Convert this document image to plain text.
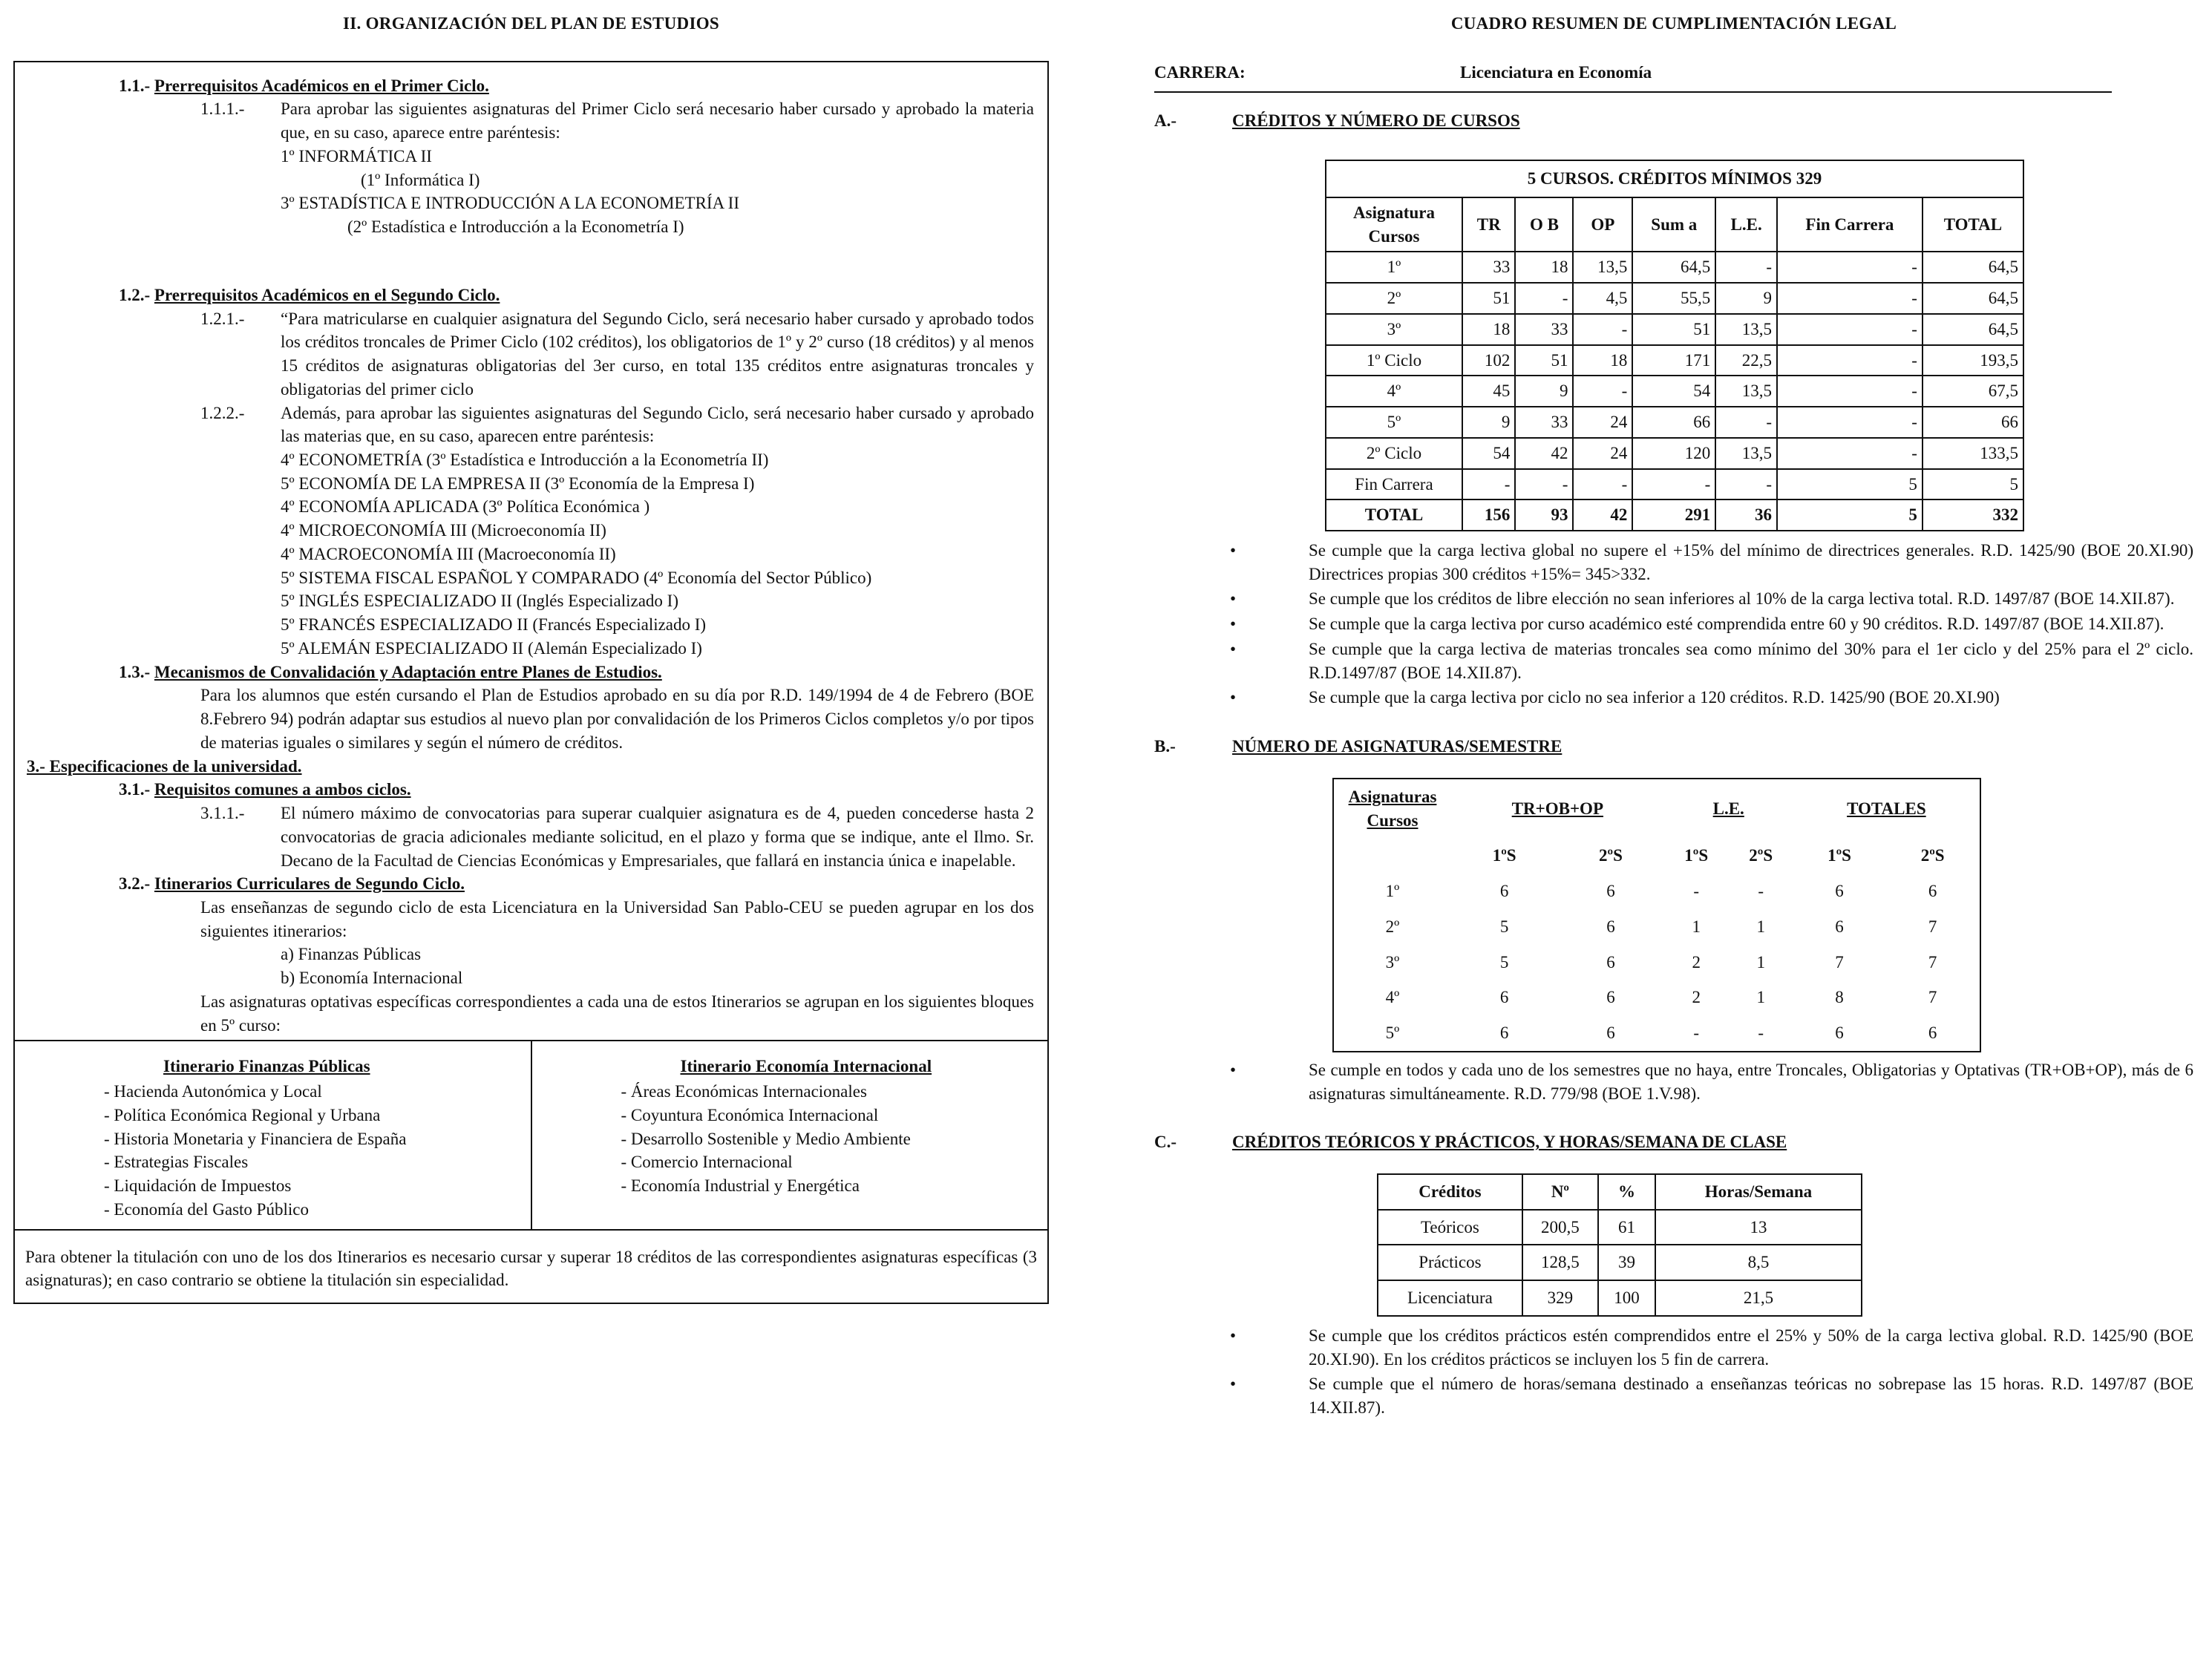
II. ORGANIZACIÓN DEL PLAN DE ESTUDIOS
1.1.- Prerrequisitos Académicos en el Primer Ciclo.
1.1.1.-	Para aprobar las siguientes asignaturas del Primer Ciclo será necesario haber cursado y aprobado la materia que, en su caso, aparece entre paréntesis:
1º INFORMÁTICA II
(1º Informática I)
3º ESTADÍSTICA E INTRODUCCIÓN A LA ECONOMETRÍA II
(2º Estadística e Introducción a la Econometría I)
1.2.- Prerrequisitos Académicos en el Segundo Ciclo.
1.2.1.-	“Para matricularse en cualquier asignatura del Segundo Ciclo, será necesario haber cursado y aprobado todos los créditos troncales de Primer Ciclo (102 créditos), los obligatorios de 1º y 2º curso (18 créditos) y al menos 15 créditos de asignaturas obligatorias del 3er curso, en total 135 créditos entre asignaturas troncales y obligatorias del primer ciclo
1.2.2.-	Además, para aprobar las siguientes asignaturas del Segundo Ciclo, será necesario haber cursado y aprobado las materias que, en su caso, aparecen entre paréntesis:
4º ECONOMETRÍA (3º Estadística e Introducción a la Econometría II)
5º ECONOMÍA DE LA EMPRESA II (3º Economía de la Empresa I)
4º ECONOMÍA APLICADA (3º Política Económica )
4º MICROECONOMÍA III (Microeconomía II)
4º MACROECONOMÍA III (Macroeconomía II)
5º SISTEMA FISCAL ESPAÑOL Y COMPARADO (4º Economía del Sector Público)
5º INGLÉS ESPECIALIZADO II (Inglés Especializado I)
5º FRANCÉS ESPECIALIZADO II (Francés Especializado I)
5º ALEMÁN ESPECIALIZADO II (Alemán Especializado I)
1.3.- Mecanismos de Convalidación y Adaptación entre Planes de Estudios.
Para los alumnos que estén cursando el Plan de Estudios aprobado en su día por R.D. 149/1994 de 4 de Febrero (BOE 8.Febrero 94) podrán adaptar sus estudios al nuevo plan por convalidación de los Primeros Ciclos completos y/o por tipos de materias iguales o similares y según el número de créditos.
3.- Especificaciones de la universidad.
3.1.- Requisitos comunes a ambos ciclos.
3.1.1.-	El número máximo de convocatorias para superar cualquier asignatura es de 4, pueden concederse hasta 2 convocatorias de gracia adicionales mediante solicitud, en el plazo y forma que se indique, ante el Ilmo. Sr. Decano de la Facultad de Ciencias Económicas y Empresariales, que fallará en instancia única e inapelable.
3.2.- Itinerarios Curriculares de Segundo Ciclo.
Las enseñanzas de segundo ciclo de esta Licenciatura en la Universidad San Pablo-CEU se pueden agrupar en los dos siguientes itinerarios:
a) Finanzas Públicas
b) Economía Internacional
Las asignaturas optativas específicas correspondientes a cada una de estos Itinerarios se agrupan en los siguientes bloques en 5º curso:
Itinerario Finanzas Públicas
- Hacienda Autonómica y Local
- Política Económica Regional y Urbana
- Historia Monetaria y Financiera de España
- Estrategias Fiscales
- Liquidación de Impuestos
- Economía del Gasto Público
Itinerario Economía Internacional
- Áreas Económicas Internacionales
- Coyuntura Económica Internacional
- Desarrollo Sostenible y Medio Ambiente
- Comercio Internacional
- Economía Industrial y Energética
Para obtener la titulación con uno de los dos Itinerarios es necesario cursar y superar 18 créditos de las correspondientes asignaturas específicas (3 asignaturas); en caso contrario se obtiene la titulación sin especialidad.
CUADRO RESUMEN DE CUMPLIMENTACIÓN LEGAL
CARRERA:	Licenciatura en Economía
A.-	CRÉDITOS Y NÚMERO DE CURSOS
5 CURSOS. CRÉDITOS MÍNIMOS 329							
Asignatura Cursos	TR	O B	OP	Sum a	L.E.	Fin Carrera	TOTAL
1º	33	18	13,5	64,5	-	-	64,5
2º	51	-	4,5	55,5	9	-	64,5
3º	18	33	-	51	13,5	-	64,5
1º Ciclo	102	51	18	171	22,5	-	193,5
4º	45	9	-	54	13,5	-	67,5
5º	9	33	24	66	-	-	66
2º Ciclo	54	42	24	120	13,5	-	133,5
Fin Carrera	-	-	-	-	-	5	5
TOTAL	156	93	42	291	36	5	332
•	Se cumple que la carga lectiva global no supere el +15% del mínimo de directrices generales. R.D. 1425/90 (BOE 20.XI.90) Directrices propias 300 créditos +15%= 345>332.
•	Se cumple que los créditos de libre elección no sean inferiores al 10% de la carga lectiva total. R.D. 1497/87 (BOE 14.XII.87).
•	Se cumple que la carga lectiva por curso académico esté comprendida entre 60 y 90 créditos. R.D. 1497/87 (BOE 14.XII.87).
•	Se cumple que la carga lectiva de materias troncales sea como mínimo del 30% para el 1er ciclo y del 25% para el 2º ciclo. R.D.1497/87 (BOE 14.XII.87).
•	Se cumple que la carga lectiva por ciclo no sea inferior a 120 créditos. R.D. 1425/90 (BOE 20.XI.90)
B.-	NÚMERO DE ASIGNATURAS/SEMESTRE
Asignaturas Cursos	TR+OB+OP		L.E.		TOTALES	
	1ºS	2ºS	1ºS	2ºS	1ºS	2ºS
1º	6	6	-	-	6	6
2º	5	6	1	1	6	7
3º	5	6	2	1	7	7
4º	6	6	2	1	8	7
5º	6	6	-	-	6	6
•	Se cumple en todos y cada uno de los semestres que no haya, entre Troncales, Obligatorias y Optativas (TR+OB+OP), más de 6 asignaturas simultáneamente. R.D. 779/98 (BOE 1.V.98).
C.-	CRÉDITOS TEÓRICOS Y PRÁCTICOS, Y HORAS/SEMANA DE CLASE
Créditos	Nº	%	Horas/Semana
Teóricos	200,5	61	13
Prácticos	128,5	39	8,5
Licenciatura	329	100	21,5
•	Se cumple que los créditos prácticos estén comprendidos entre el 25% y 50% de la carga lectiva global. R.D. 1425/90 (BOE 20.XI.90). En los créditos prácticos se incluyen los 5 fin de carrera.
•	Se cumple que el número de horas/semana destinado a enseñanzas teóricas no sobrepase las 15 horas. R.D. 1497/87 (BOE 14.XII.87).
